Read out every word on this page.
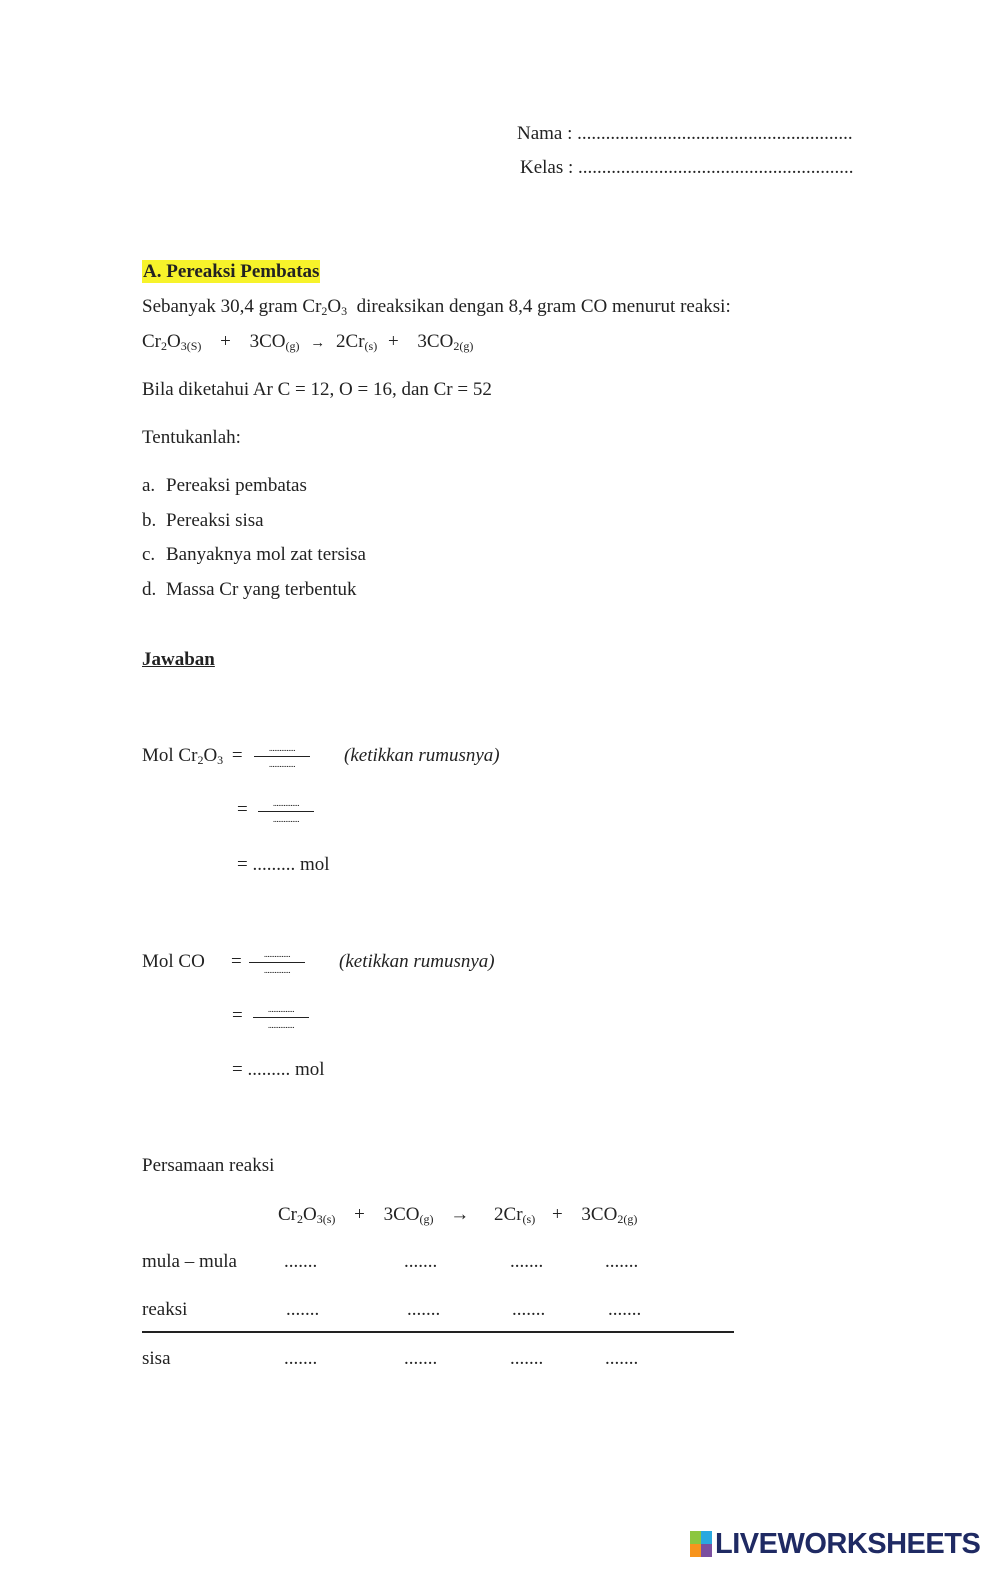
Nama : ..........................................................
Kelas : ..........................................................
A. Pereaksi Pembatas
Sebanyak 30,4 gram $Cr_2O_3$ direaksikan dengan 8,4 gram CO menurut reaksi:
$Cr_2O_{3(S)} + 3CO_{(g)} \to 2Cr_{(s)} + 3CO_{2(g)}$
Bila diketahui Ar C = 12, O = 16, dan Cr = 52
Tentukanlah:
a. Pereaksi pembatas
b. Pereaksi sisa
c. Banyaknya mol zat tersisa
d. Massa Cr yang terbentuk
Jawaban
Mol $Cr_2O_3$ =	...............
...............	(ketikkan rumusnya)
=	...............
...............
= ......... mol
Mol CO =	...............
...............	(ketikkan rumusnya)
=	...............
...............
= ......... mol
Persamaan reaksi
$Cr_2O_{3(s)} + 3CO_{(g)} \to 2Cr_{(s)} + 3CO_{2(g)}$
mula – mula .......	.......	.......	.......
reaksi	.......	.......	.......	.......
sisa	.......	.......	.......	.......
LIVEWORKSHEETS
